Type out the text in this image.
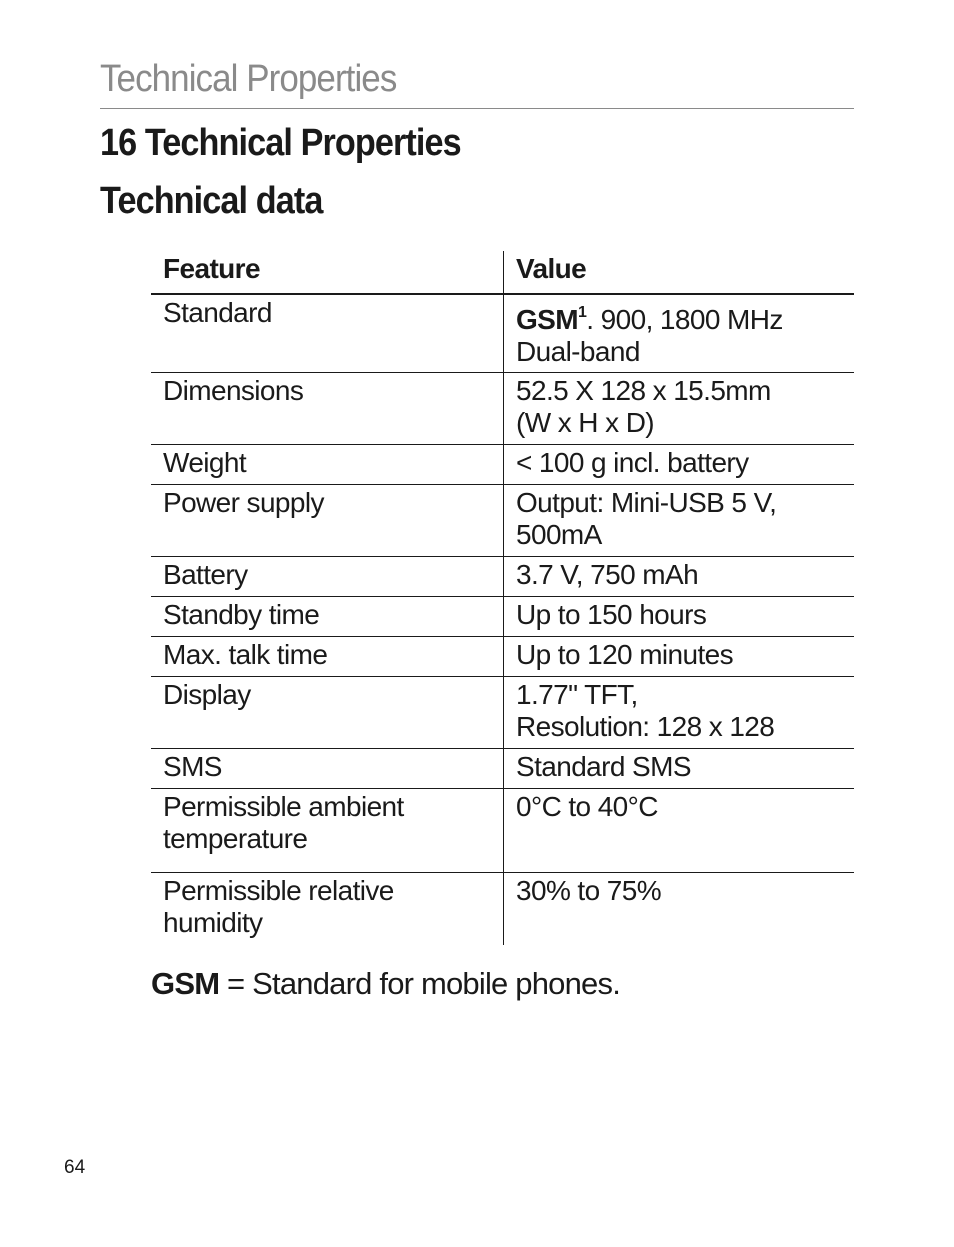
Technical Properties
16 Technical Properties
Technical data
Feature	Value

Standard	GSM$^1$. 900, 1800 MHz
Dual-band

Dimensions	52.5 X 128 x 15.5mm
(W x H x D)

Weight	< 100 g incl. battery

Power supply	Output: Mini-USB 5 V,
500mA

Battery	3.7 V, 750 mAh

Standby time	Up to 150 hours

Max. talk time	Up to 120 minutes

Display	1.77" TFT,
Resolution: 128 x 128

SMS	Standard SMS

Permissible ambient
temperature	0°C to 40°C

Permissible relative
humidity	30% to 75%
GSM = Standard for mobile phones.
64
